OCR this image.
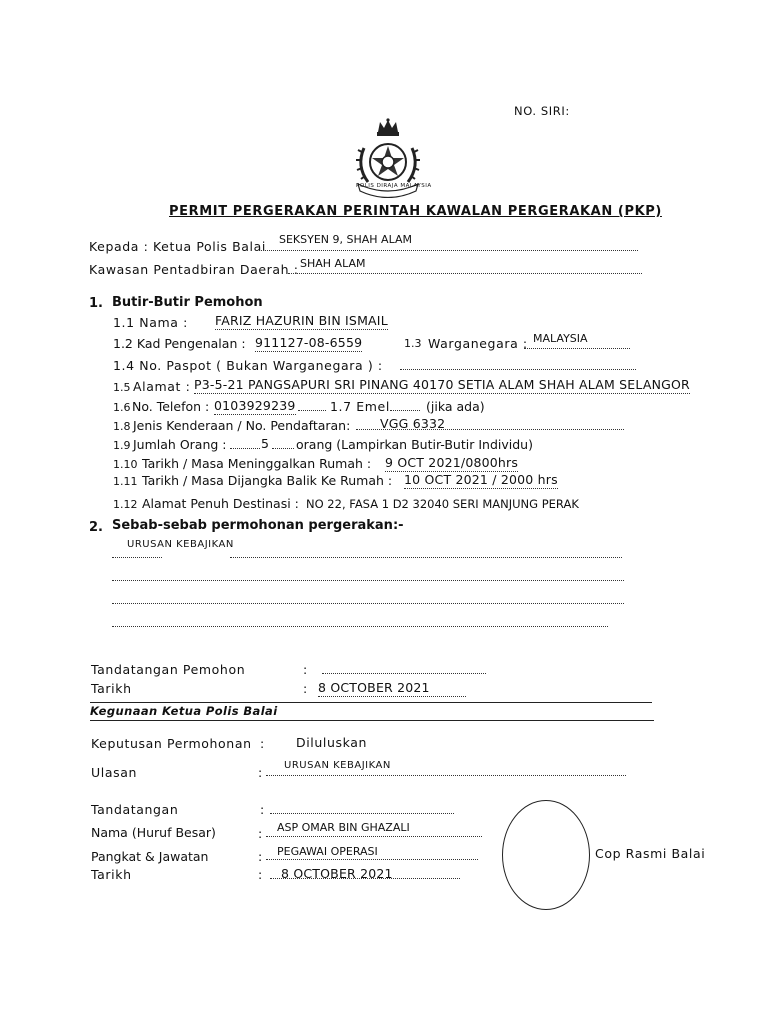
NO. SIRI:
POLIS DIRAJA MALAYSIA
PERMIT PERGERAKAN PERINTAH KAWALAN PERGERAKAN (PKP)
Kepada : Ketua Polis Balai SEKSYEN 9, SHAH ALAM
Kawasan Pentadbiran Daerah : SHAH ALAM
1. Butir-Butir Pemohon
1.1 Nama : FARIZ HAZURIN BIN ISMAIL
1.2 Kad Pengenalan : 911127-08-6559	1.3 Warganegara : MALAYSIA
1.4 No. Paspot ( Bukan Warganegara ) :
1.5 Alamat : P3-5-21 PANGSAPURI SRI PINANG 40170 SETIA ALAM SHAH ALAM SELANGOR
1.6 No. Telefon : 0103929239	1.7 Emel	(jika ada)
1.8 Jenis Kenderaan / No. Pendaftaran: VGG 6332
1.9 Jumlah Orang :	5 orang (Lampirkan Butir-Butir Individu)
1.10 Tarikh / Masa Meninggalkan Rumah : 9 OCT 2021/0800hrs
1.11 Tarikh / Masa Dijangka Balik Ke Rumah : 10 OCT 2021 / 2000 hrs
1.12 Alamat Penuh Destinasi : NO 22, FASA 1 D2 32040 SERI MANJUNG PERAK
2. Sebab-sebab permohonan pergerakan:-
URUSAN KEBAJIKAN
Tandatangan Pemohon	:
Tarikh	: 8 OCTOBER 2021
Kegunaan Ketua Polis Balai
Keputusan Permohonan :	Diluluskan
Ulasan	: URUSAN KEBAJIKAN
Tandatangan	:
Nama (Huruf Besar)	: ASP OMAR BIN GHAZALI
Pangkat & Jawatan	: PEGAWAI OPERASI
Tarikh	: 8 OCTOBER 2021
Cop Rasmi Balai
